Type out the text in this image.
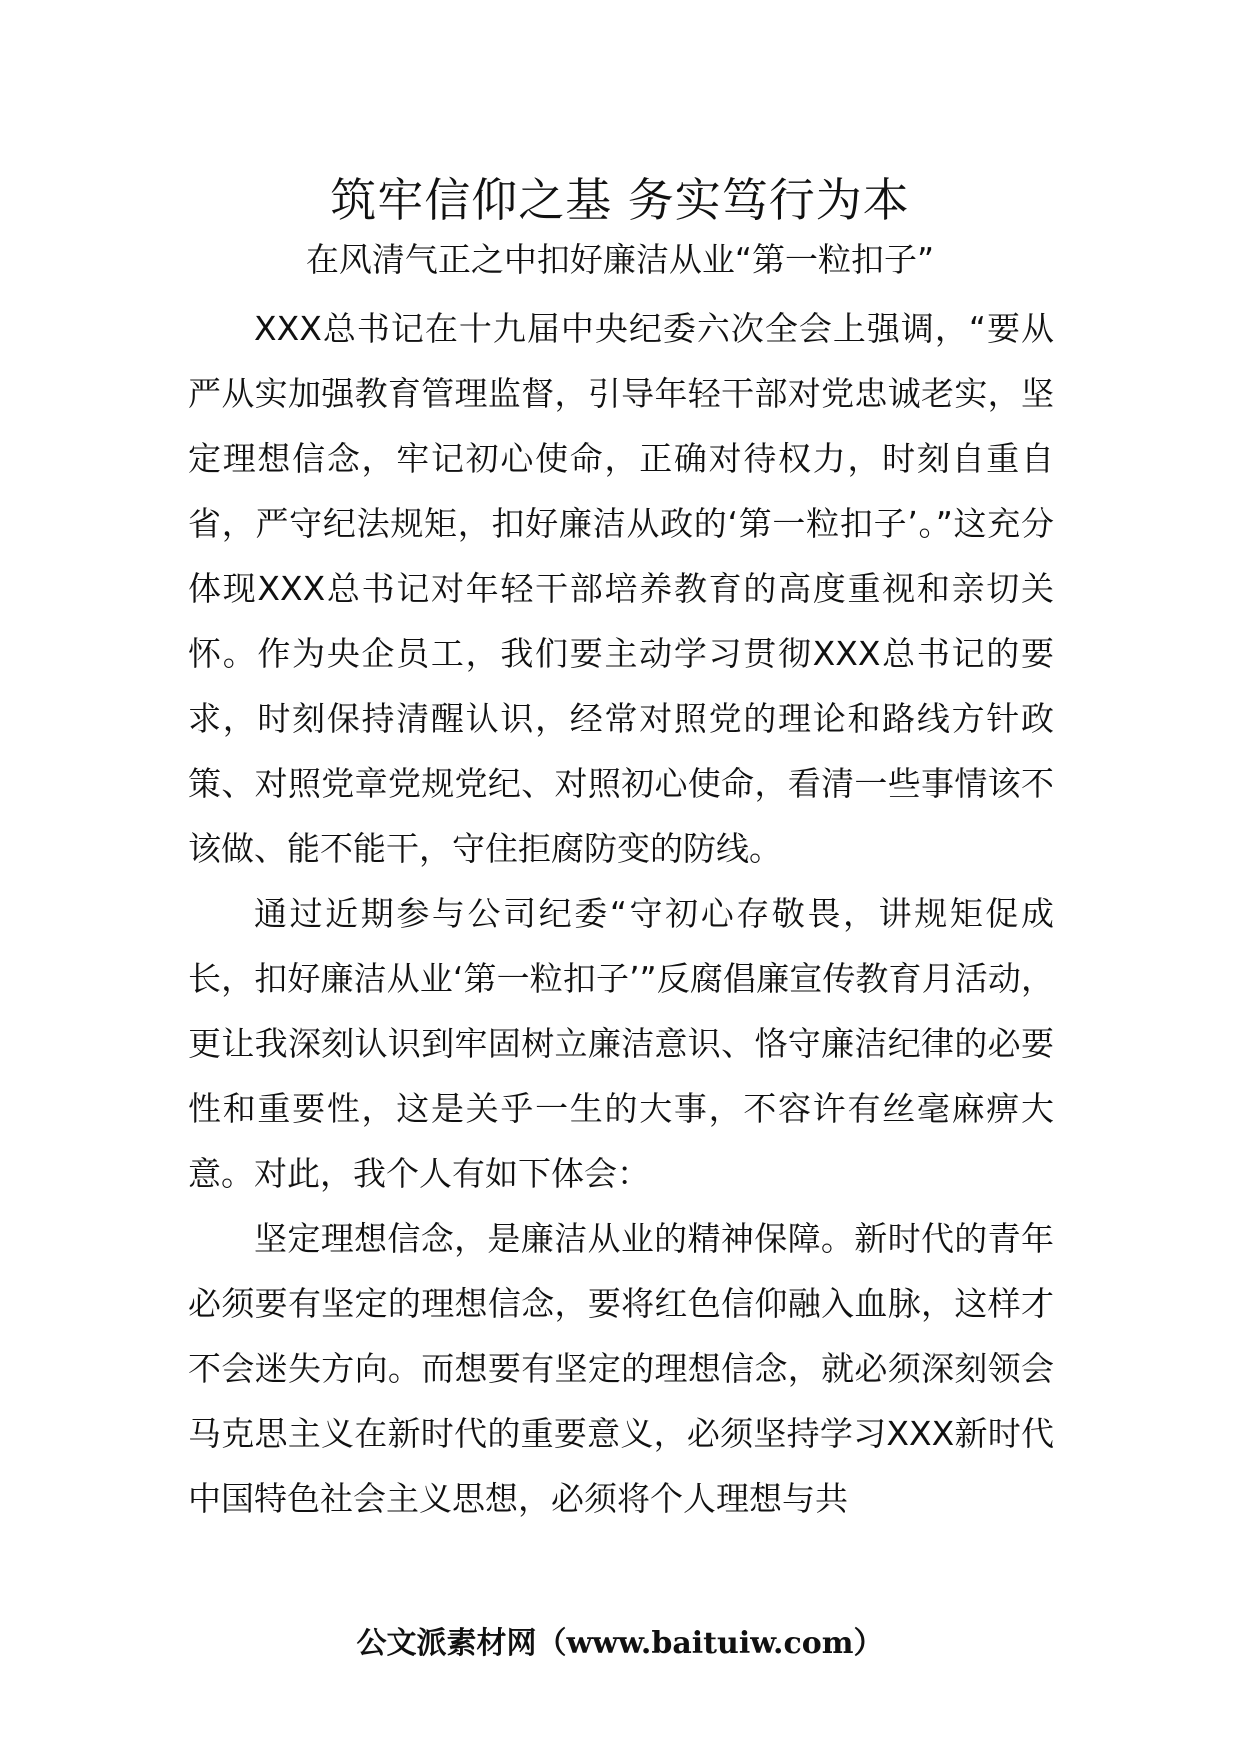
筑牢信仰之基 务实笃行为本
在风清气正之中扣好廉洁从业“第一粒扣子”

XXX总书记在十九届中央纪委六次全会上强调，“要从严从实加强教育管理监督，引导年轻干部对党忠诚老实，坚定理想信念，牢记初心使命，正确对待权力，时刻自重自省，严守纪法规矩，扣好廉洁从政的‘第一粒扣子’。”这充分体现XXX总书记对年轻干部培养教育的高度重视和亲切关怀。作为央企员工，我们要主动学习贯彻XXX总书记的要求，时刻保持清醒认识，经常对照党的理论和路线方针政策、对照党章党规党纪、对照初心使命，看清一些事情该不该做、能不能干，守住拒腐防变的防线。

通过近期参与公司纪委“守初心存敬畏，讲规矩促成长，扣好廉洁从业‘第一粒扣子’”反腐倡廉宣传教育月活动，更让我深刻认识到牢固树立廉洁意识、恪守廉洁纪律的必要性和重要性，这是关乎一生的大事，不容许有丝毫麻痹大意。对此，我个人有如下体会：

坚定理想信念，是廉洁从业的精神保障。新时代的青年必须要有坚定的理想信念，要将红色信仰融入血脉，这样才不会迷失方向。而想要有坚定的理想信念，就必须深刻领会马克思主义在新时代的重要意义，必须坚持学习XXX新时代中国特色社会主义思想，必须将个人理想与共

公文派素材网（www.baituiw.com）
